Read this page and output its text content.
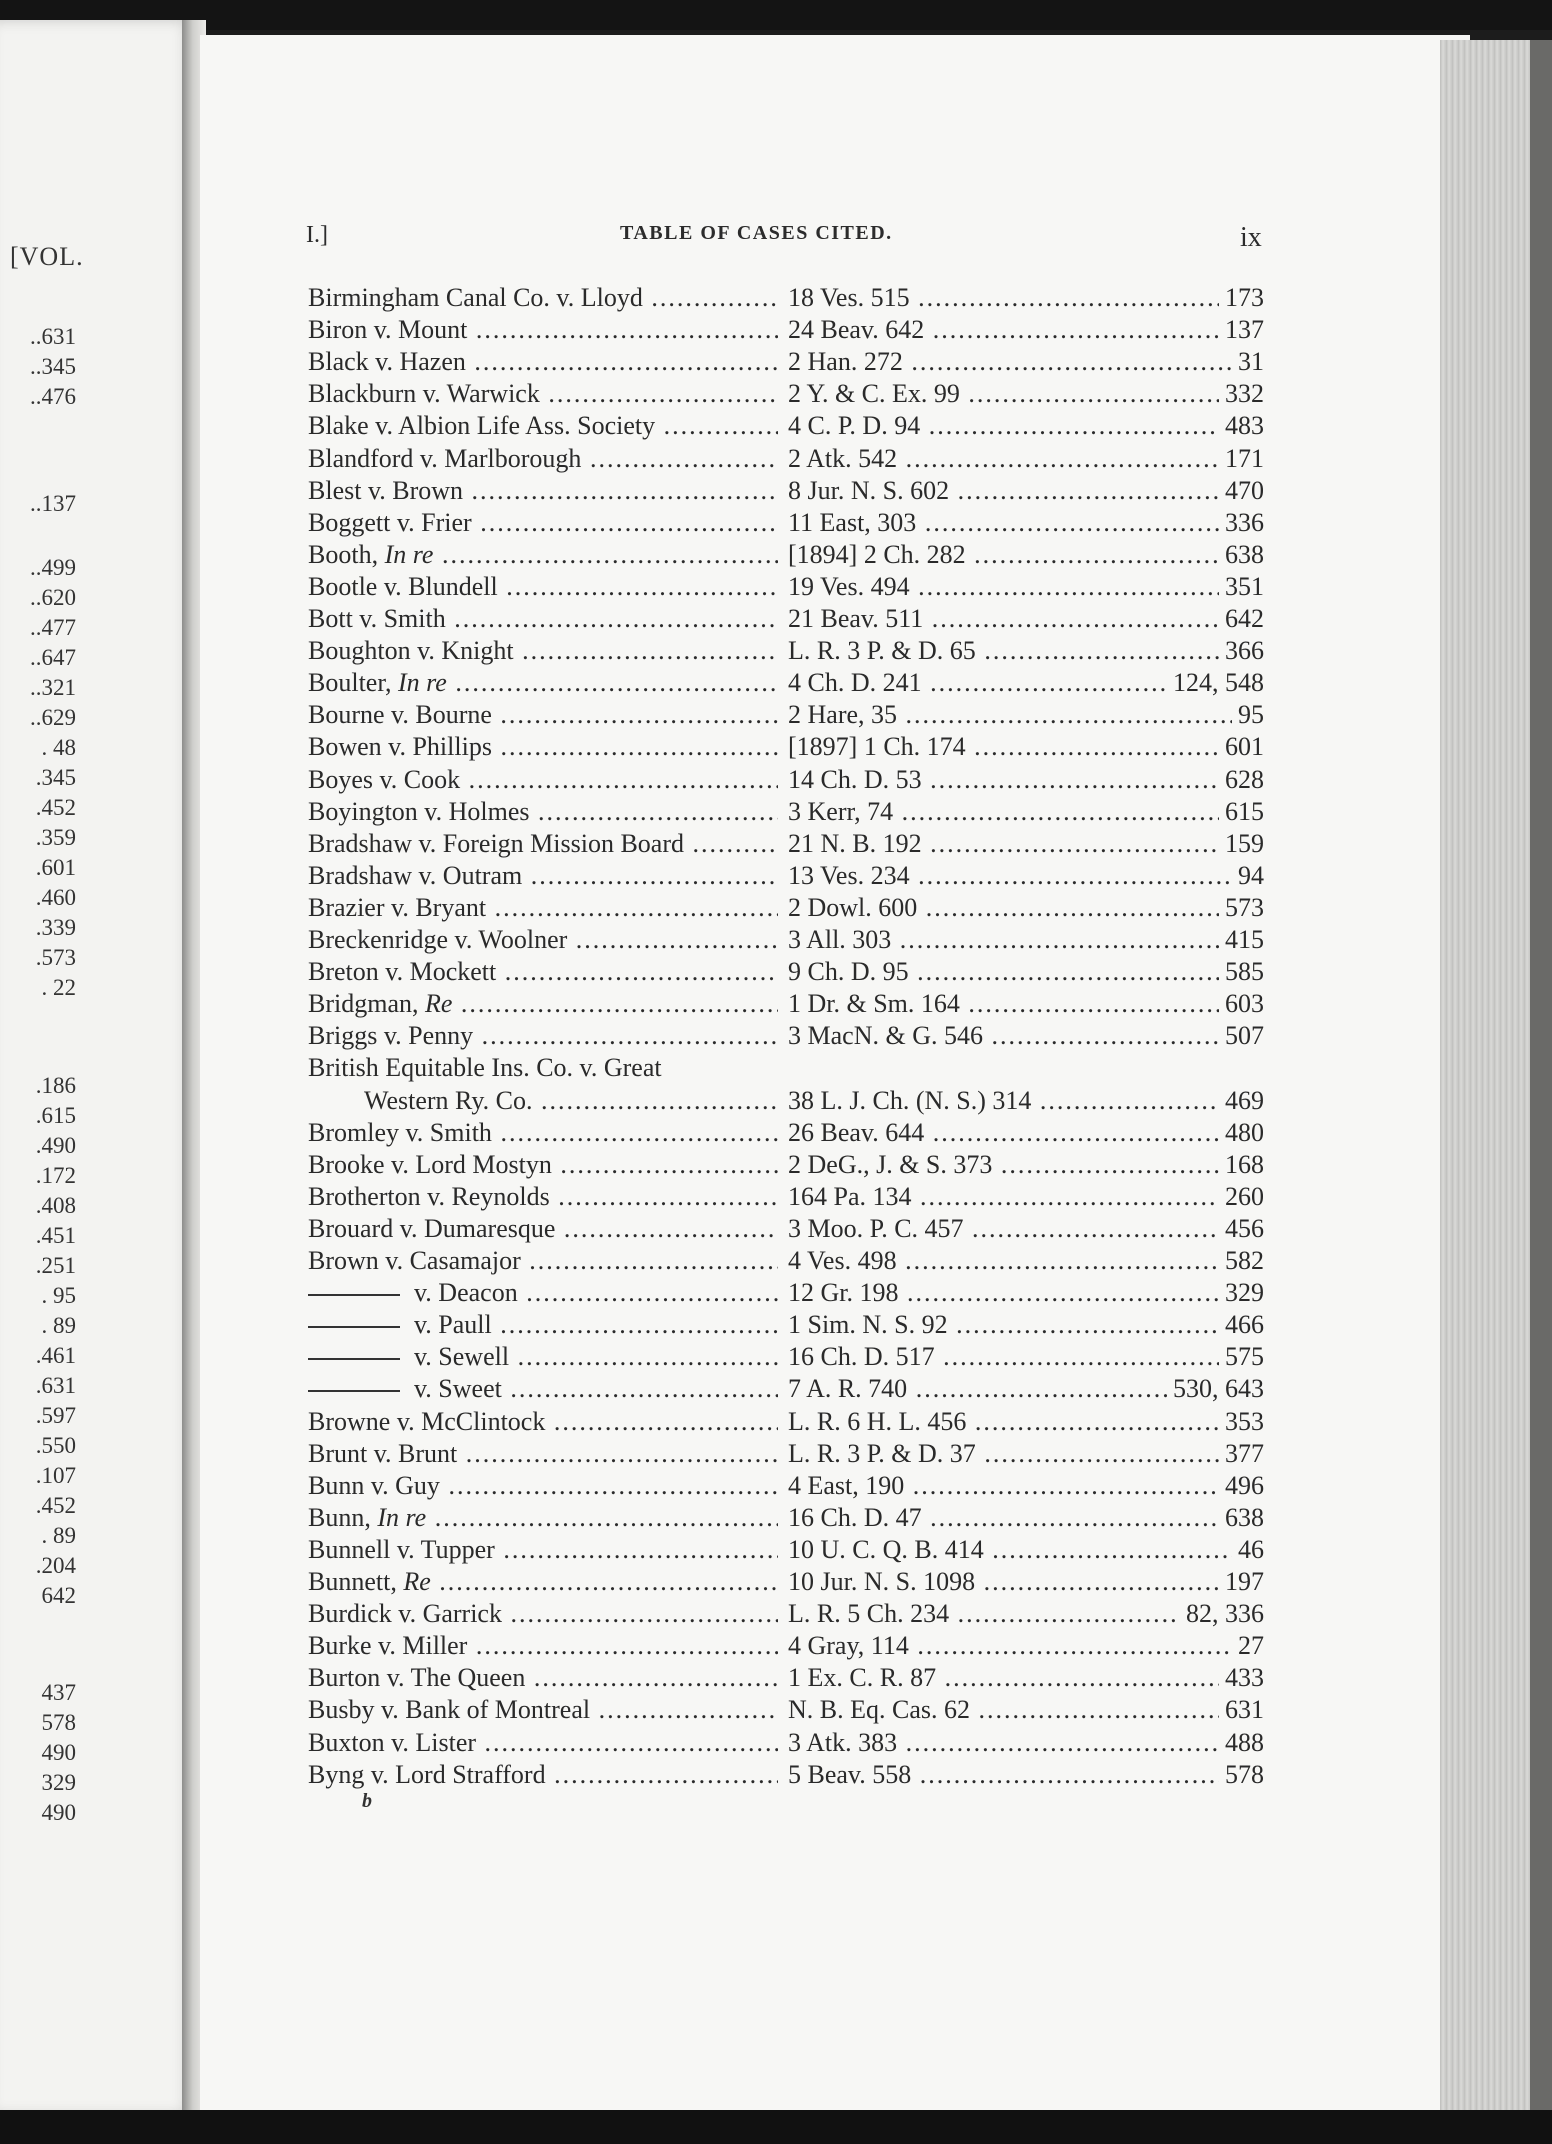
[VOL.
..631
..345
..476
..137
..499
..620
..477
..647
..321
..629
. 48
.345
.452
.359
.601
.460
.339
.573
. 22
.186
.615
.490
.172
.408
.451
.251
. 95
. 89
.461
.631
.597
.550
.107
.452
. 89
.204
642
437
578
490
329
490
I.]	TABLE OF CASES CITED.	ix
Birmingham Canal Co. v. Lloyd .....	18 Ves. 515	173
.....
Biron v. Mount .....	24 Beav. 642	137
.....
Black v. Hazen .....	2 Han. 272	31
.....
Blackburn v. Warwick .....	2 Y. & C. Ex. 99	332
.....
Blake v. Albion Life Ass. Society .....	4 C. P. D. 94	483
.....
Blandford v. Marlborough .....	2 Atk. 542	171
.....
Blest v. Brown .....	8 Jur. N. S. 602	470
.....
Boggett v. Frier .....	11 East, 303	336
.....
Booth, In re .....	[1894] 2 Ch. 282	638
.....
Bootle v. Blundell .....	19 Ves. 494	351
.....
Bott v. Smith .....	21 Beav. 511	642
.....
Boughton v. Knight .....	L. R. 3 P. & D. 65	366
.....
Boulter, In re .....	4 Ch. D. 241	124, 548
.....
Bourne v. Bourne .....	2 Hare, 35	95
.....
Bowen v. Phillips .....	[1897] 1 Ch. 174	601
.....
Boyes v. Cook .....	14 Ch. D. 53	628
.....
Boyington v. Holmes .....	3 Kerr, 74	615
.....
Bradshaw v. Foreign Mission Board .....	21 N. B. 192	159
.....
Bradshaw v. Outram .....	13 Ves. 234	94
.....
Brazier v. Bryant .....	2 Dowl. 600	573
.....
Breckenridge v. Woolner .....	3 All. 303	415
.....
Breton v. Mockett .....	9 Ch. D. 95	585
.....
Bridgman, Re .....	1 Dr. & Sm. 164	603
.....
Briggs v. Penny .....	3 MacN. & G. 546	507
.....
British Equitable Ins. Co. v. Great
Western Ry. Co. .....	38 L. J. Ch. (N. S.) 314	469
.....
Bromley v. Smith .....	26 Beav. 644	480
.....
Brooke v. Lord Mostyn .....	2 DeG., J. & S. 373	168
.....
Brotherton v. Reynolds .....	164 Pa. 134	260
.....
Brouard v. Dumaresque .....	3 Moo. P. C. 457	456
.....
Brown v. Casamajor .....	4 Ves. 498	582
.....
v. Deacon .....	12 Gr. 198	329
.....
v. Paull .....	1 Sim. N. S. 92	466
.....
v. Sewell .....	16 Ch. D. 517	575
.....
v. Sweet .....	7 A. R. 740	530, 643
.....
Browne v. McClintock .....	L. R. 6 H. L. 456	353
.....
Brunt v. Brunt .....	L. R. 3 P. & D. 37	377
.....
Bunn v. Guy .....	4 East, 190	496
.....
Bunn, In re .....	16 Ch. D. 47	638
.....
Bunnell v. Tupper .....	10 U. C. Q. B. 414	46
.....
Bunnett, Re .....	10 Jur. N. S. 1098	197
.....
Burdick v. Garrick .....	L. R. 5 Ch. 234	82, 336
.....
Burke v. Miller .....	4 Gray, 114	27
.....
Burton v. The Queen .....	1 Ex. C. R. 87	433
.....
Busby v. Bank of Montreal .....	N. B. Eq. Cas. 62	631
.....
Buxton v. Lister .....	3 Atk. 383	488
.....
Byng v. Lord Strafford .....	5 Beav. 558	578
.....
b
